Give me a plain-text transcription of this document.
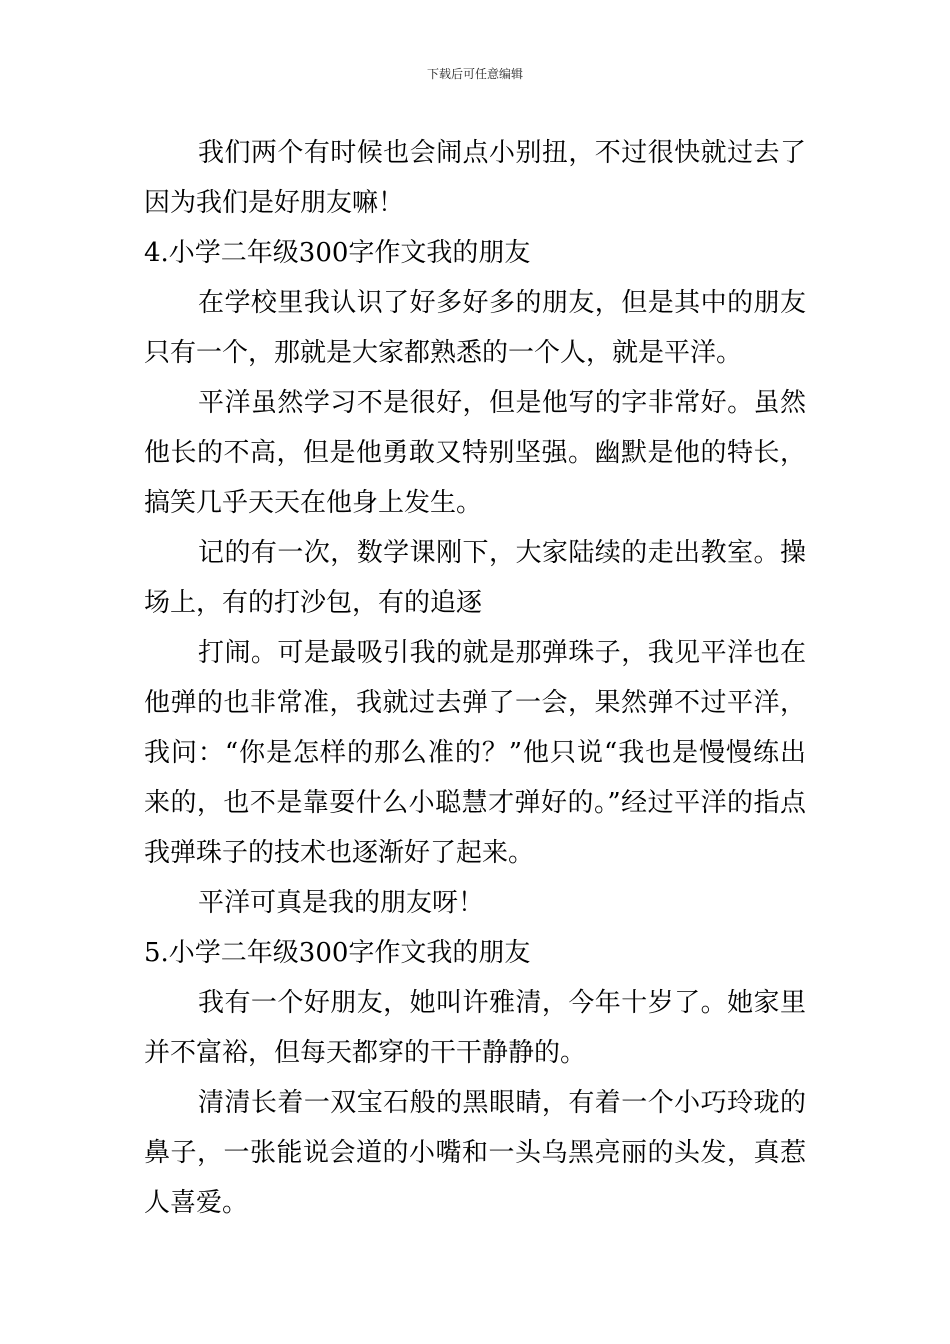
下载后可任意编辑

我们两个有时候也会闹点小别扭，不过很快就过去了因为我们是好朋友嘛！

4.小学二年级300字作文我的朋友

在学校里我认识了好多好多的朋友，但是其中的朋友只有一个，那就是大家都熟悉的一个人，就是平洋。

平洋虽然学习不是很好，但是他写的字非常好。虽然他长的不高，但是他勇敢又特别坚强。幽默是他的特长，搞笑几乎天天在他身上发生。

记的有一次，数学课刚下，大家陆续的走出教室。操场上，有的打沙包，有的追逐

打闹。可是最吸引我的就是那弹珠子，我见平洋也在他弹的也非常准，我就过去弹了一会，果然弹不过平洋，我问：“你是怎样的那么准的？”他只说“我也是慢慢练出来的，也不是靠耍什么小聪慧才弹好的。”经过平洋的指点我弹珠子的技术也逐渐好了起来。

平洋可真是我的朋友呀！

5.小学二年级300字作文我的朋友

我有一个好朋友，她叫许雅清，今年十岁了。她家里并不富裕，但每天都穿的干干静静的。

清清长着一双宝石般的黑眼睛，有着一个小巧玲珑的鼻子，一张能说会道的小嘴和一头乌黑亮丽的头发，真惹人喜爱。
